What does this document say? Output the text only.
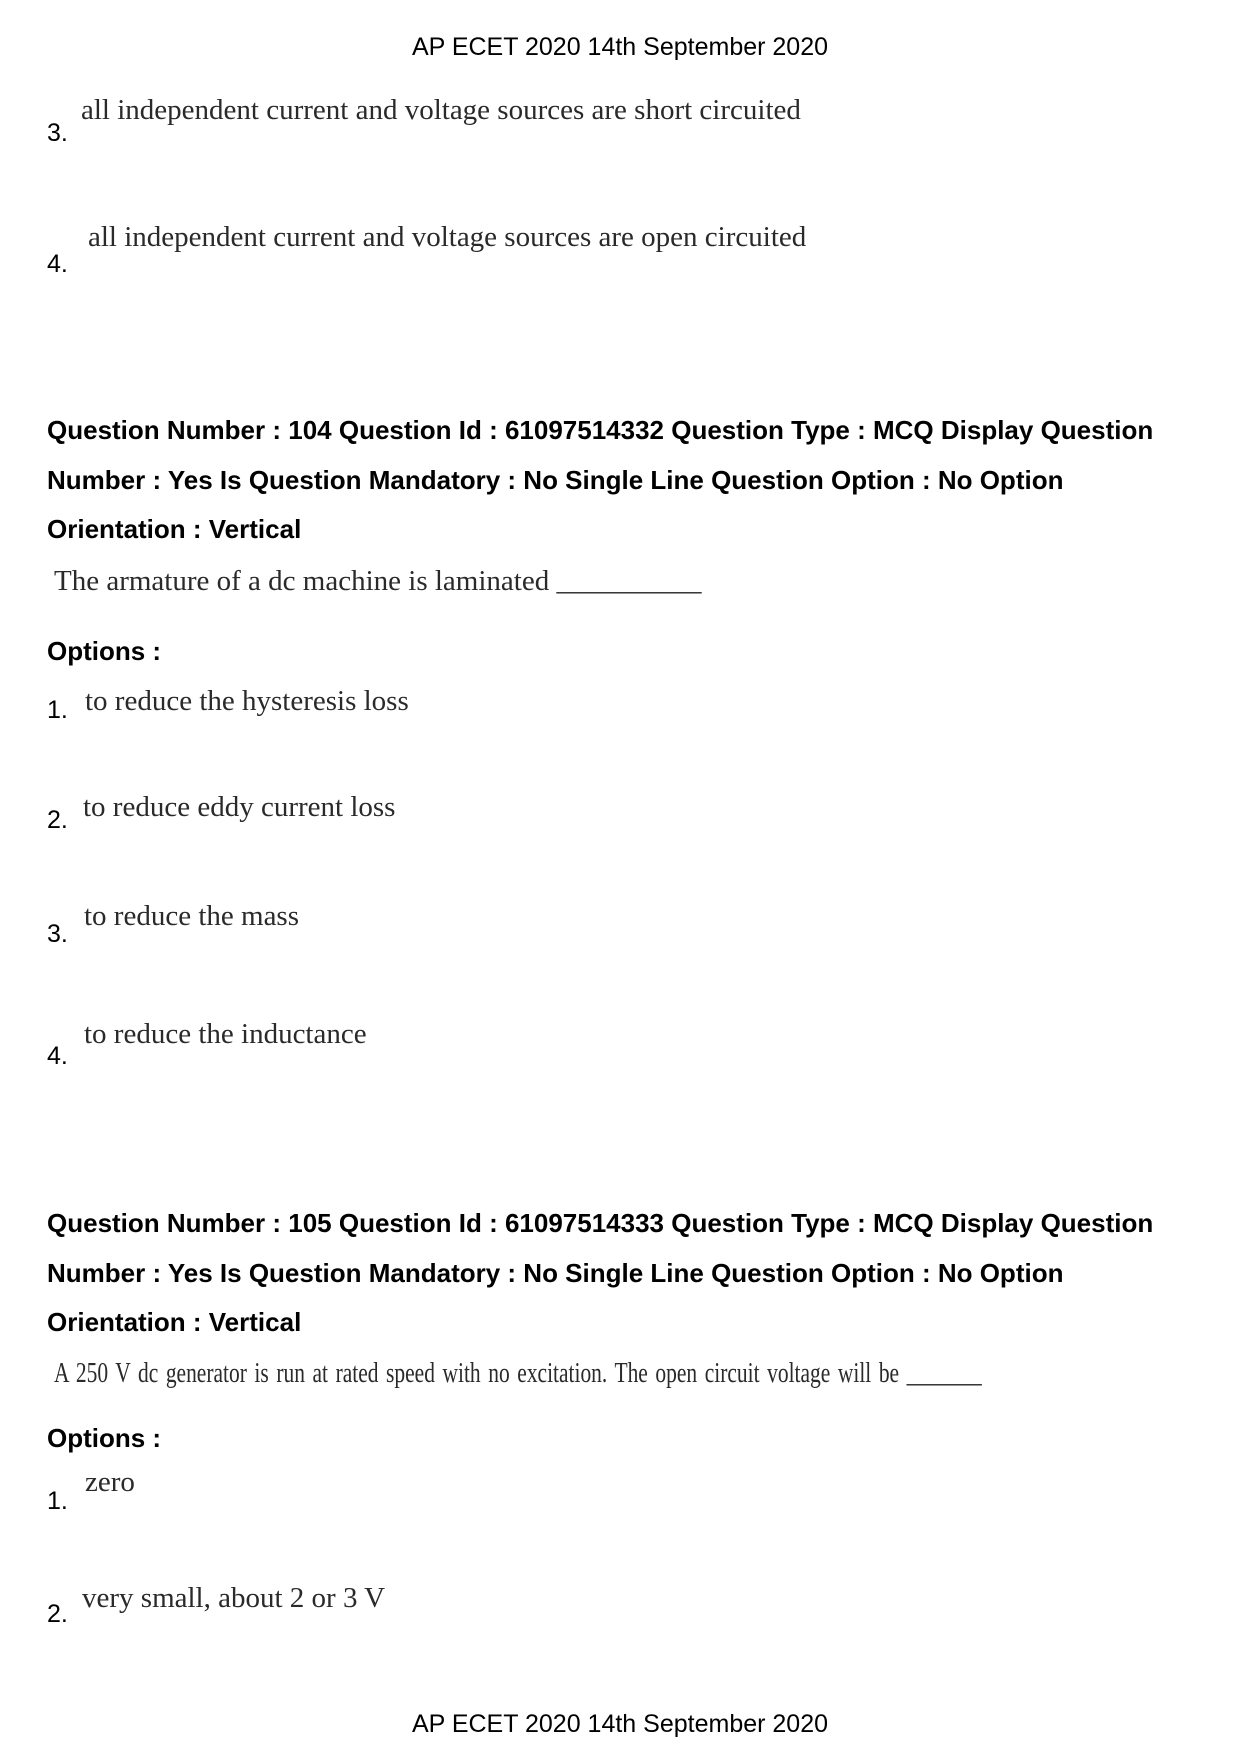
AP ECET 2020 14th September 2020
3.
all independent current and voltage sources are short circuited
4.
all independent current and voltage sources are open circuited
Question Number : 104 Question Id : 61097514332 Question Type : MCQ Display Question
Number : Yes Is Question Mandatory : No Single Line Question Option : No Option
Orientation : Vertical
The armature of a dc machine is laminated __________
Options :
1. to reduce the hysteresis loss
2. to reduce eddy current loss
3.
to reduce the mass
4.
to reduce the inductance
Question Number : 105 Question Id : 61097514333 Question Type : MCQ Display Question
Number : Yes Is Question Mandatory : No Single Line Question Option : No Option
Orientation : Vertical
A 250 V dc generator is run at rated speed with no excitation. The open circuit voltage will be _______
Options :
1.
zero
2. very small, about 2 or 3 V
AP ECET 2020 14th September 2020
